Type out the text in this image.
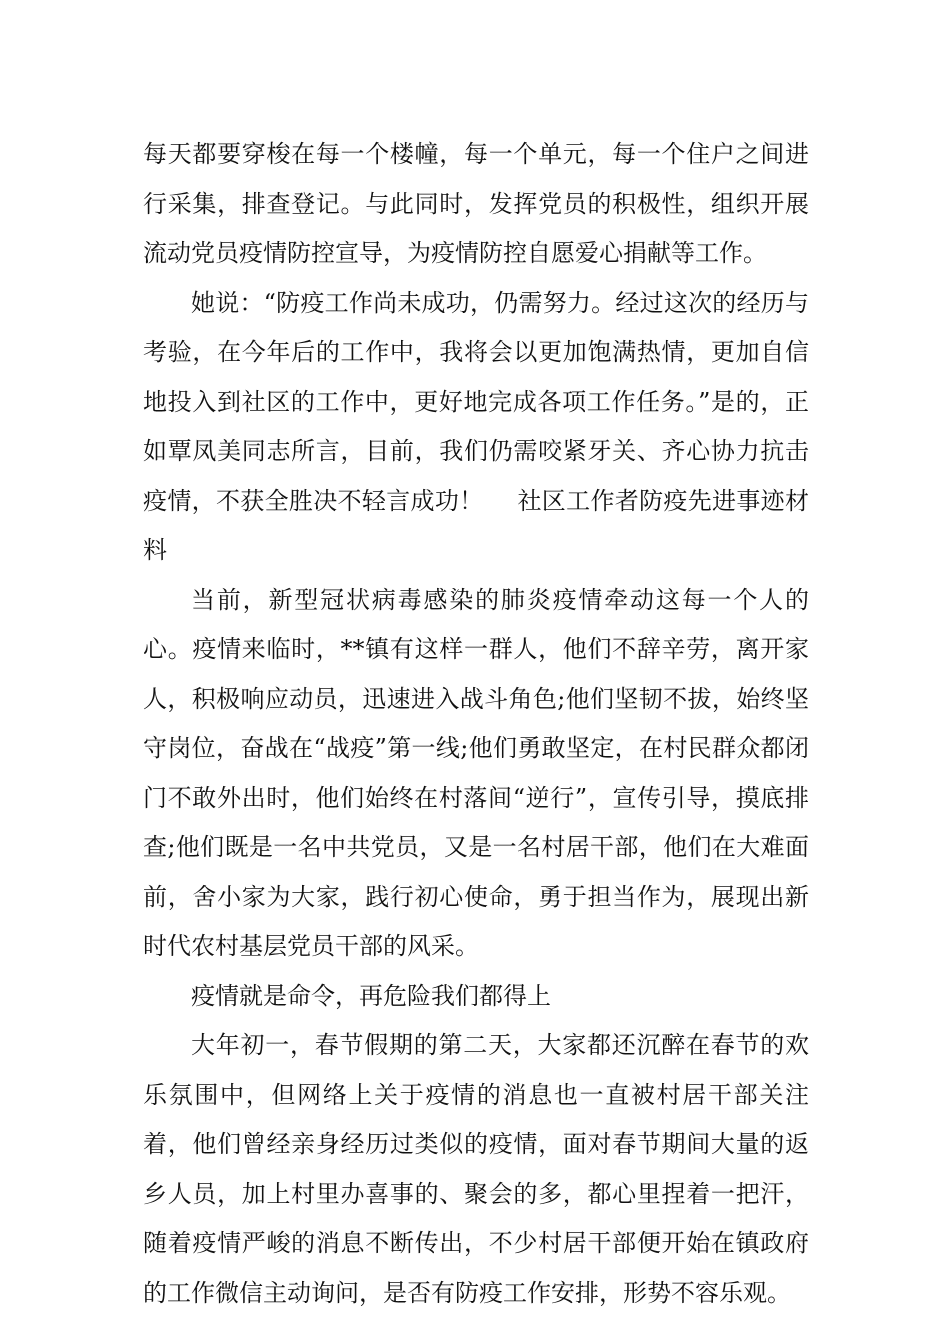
每天都要穿梭在每一个楼幢，每一个单元，每一个住户之间进行采集，排查登记。与此同时，发挥党员的积极性，组织开展流动党员疫情防控宣导，为疫情防控自愿爱心捐献等工作。

她说：“防疫工作尚未成功，仍需努力。经过这次的经历与考验，在今年后的工作中，我将会以更加饱满热情，更加自信地投入到社区的工作中，更好地完成各项工作任务。”是的，正如覃凤美同志所言，目前，我们仍需咬紧牙关、齐心协力抗击疫情，不获全胜决不轻言成功！ 社区工作者防疫先进事迹材料

当前，新型冠状病毒感染的肺炎疫情牵动这每一个人的心。疫情来临时，**镇有这样一群人，他们不辞辛劳，离开家人，积极响应动员，迅速进入战斗角色;他们坚韧不拔，始终坚守岗位，奋战在“战疫”第一线;他们勇敢坚定，在村民群众都闭门不敢外出时，他们始终在村落间“逆行”，宣传引导，摸底排查;他们既是一名中共党员，又是一名村居干部，他们在大难面前，舍小家为大家，践行初心使命，勇于担当作为，展现出新时代农村基层党员干部的风采。

疫情就是命令，再危险我们都得上

大年初一，春节假期的第二天，大家都还沉醉在春节的欢乐氛围中，但网络上关于疫情的消息也一直被村居干部关注着，他们曾经亲身经历过类似的疫情，面对春节期间大量的返乡人员，加上村里办喜事的、聚会的多，都心里捏着一把汗，随着疫情严峻的消息不断传出，不少村居干部便开始在镇政府的工作微信主动询问，是否有防疫工作安排，形势不容乐观。
